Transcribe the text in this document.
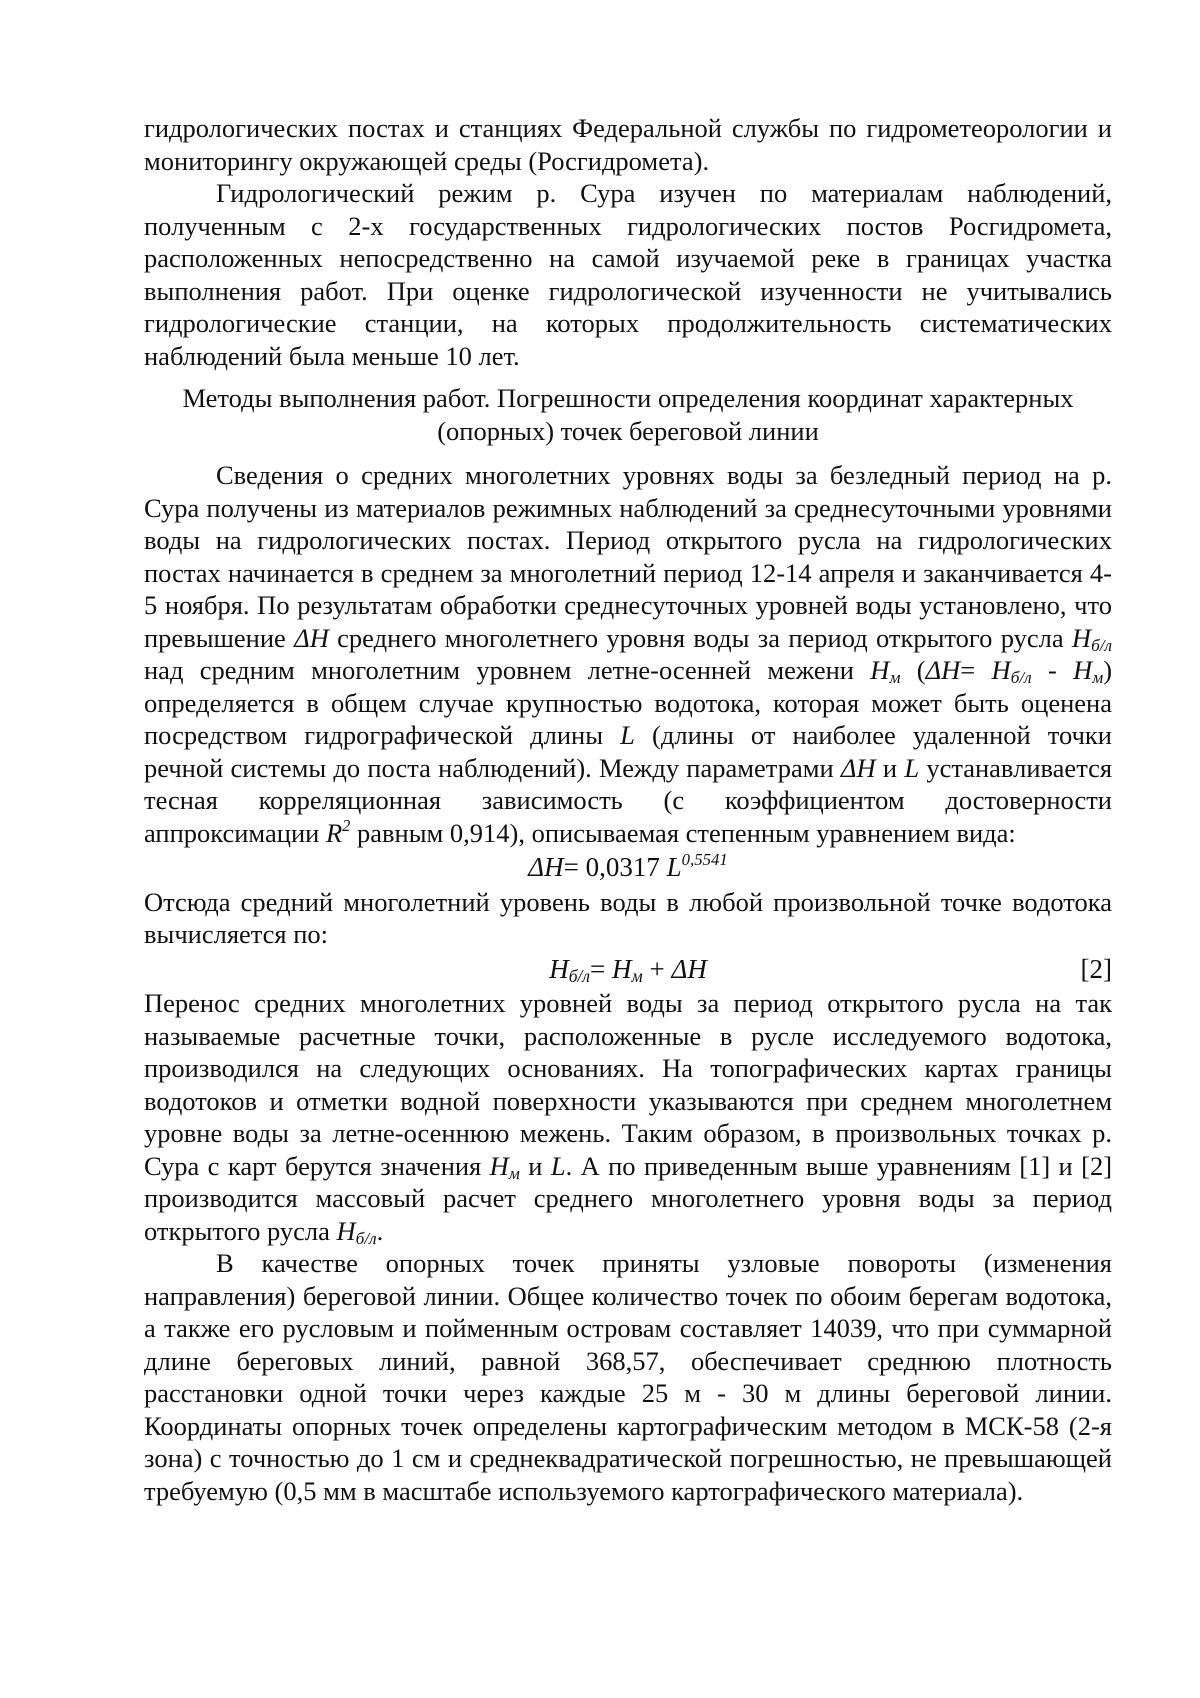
гидрологических постах и станциях Федеральной службы по гидрометеорологии и мониторингу окружающей среды (Росгидромета).

Гидрологический режим р. Сура изучен по материалам наблюдений, полученным с 2-х государственных гидрологических постов Росгидромета, расположенных непосредственно на самой изучаемой реке в границах участка выполнения работ. При оценке гидрологической изученности не учитывались гидрологические станции, на которых продолжительность систематических наблюдений была меньше 10 лет.

Методы выполнения работ. Погрешности определения координат характерных (опорных) точек береговой линии

Сведения о средних многолетних уровнях воды за безледный период на р. Сура получены из материалов режимных наблюдений за среднесуточными уровнями воды на гидрологических постах. Период открытого русла на гидрологических постах начинается в среднем за многолетний период 12-14 апреля и заканчивается 4-5 ноября. По результатам обработки среднесуточных уровней воды установлено, что превышение ΔH среднего многолетнего уровня воды за период открытого русла $H_{б/л}$ над средним многолетним уровнем летне-осенней межени $H_м$ $(\Delta H= H_{б/л} - H_м)$ определяется в общем случае крупностью водотока, которая может быть оценена посредством гидрографической длины L (длины от наиболее удаленной точки речной системы до поста наблюдений). Между параметрами ΔH и L устанавливается тесная корреляционная зависимость (с коэффициентом достоверности аппроксимации $R^2$ равным 0,914), описываемая степенным уравнением вида:

ΔH= 0,0317 $L^{0,5541}$

Отсюда средний многолетний уровень воды в любой произвольной точке водотока вычисляется по:

$H_{б/л}= H_м + \Delta H$	[2]

Перенос средних многолетних уровней воды за период открытого русла на так называемые расчетные точки, расположенные в русле исследуемого водотока, производился на следующих основаниях. На топографических картах границы водотоков и отметки водной поверхности указываются при среднем многолетнем уровне воды за летне-осеннюю межень. Таким образом, в произвольных точках р. Сура с карт берутся значения $H_м$ и L. А по приведенным выше уравнениям [1] и [2] производится массовый расчет среднего многолетнего уровня воды за период открытого русла $H_{б/л}$.

В качестве опорных точек приняты узловые повороты (изменения направления) береговой линии. Общее количество точек по обоим берегам водотока, а также его русловым и пойменным островам составляет 14039, что при суммарной длине береговых линий, равной 368,57, обеспечивает среднюю плотность расстановки одной точки через каждые 25 м - 30 м длины береговой линии. Координаты опорных точек определены картографическим методом в МСК-58 (2-я зона) с точностью до 1 см и среднеквадратической погрешностью, не превышающей требуемую (0,5 мм в масштабе используемого картографического материала).
